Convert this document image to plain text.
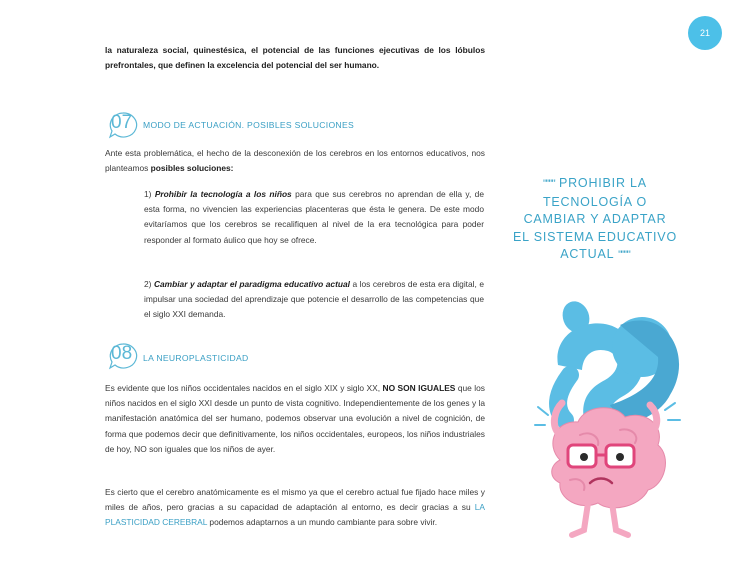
21
la naturaleza social, quinestésica, el potencial de las funciones ejecutivas de los lóbulos prefrontales, que definen la excelencia del potencial del ser humano.
07 MODO DE ACTUACIÓN. POSIBLES SOLUCIONES
Ante esta problemática, el hecho de la desconexión de los cerebros en los entornos educativos, nos planteamos posibles soluciones:
1) Prohibir la tecnología a los niños para que sus cerebros no aprendan de ella y, de esta forma, no vivencien las experiencias placenteras que ésta le genera. De este modo evitaríamos que los cerebros se recalifiquen al nivel de la era tecnológica para poder responder al formato áulico que hoy se ofrece.
2) Cambiar y adaptar el paradigma educativo actual a los cerebros de esta era digital, e impulsar una sociedad del aprendizaje que potencie el desarrollo de las competencias que el siglo XXI demanda.
08 LA NEUROPLASTICIDAD
Es evidente que los niños occidentales nacidos en el siglo XIX y siglo XX, NO SON IGUALES que los niños nacidos en el siglo XXI desde un punto de vista cognitivo. Independientemente de los genes y la manifestación anatómica del ser humano, podemos observar una evolución a nivel de cognición, de forma que podemos decir que definitivamente, los niños occidentales, europeos, los niños industriales de hoy, NO son iguales que los niños de ayer.
Es cierto que el cerebro anatómicamente es el mismo ya que el cerebro actual fue fijado hace miles y miles de años, pero gracias a su capacidad de adaptación al entorno, es decir gracias a su LA PLASTICIDAD CEREBRAL podemos adaptarnos a un mundo cambiante para sobre vivir.
"""" PROHIBIR LA
TECNOLOGÍA O
CAMBIAR Y ADAPTAR
EL SISTEMA EDUCATIVO
ACTUAL """"
